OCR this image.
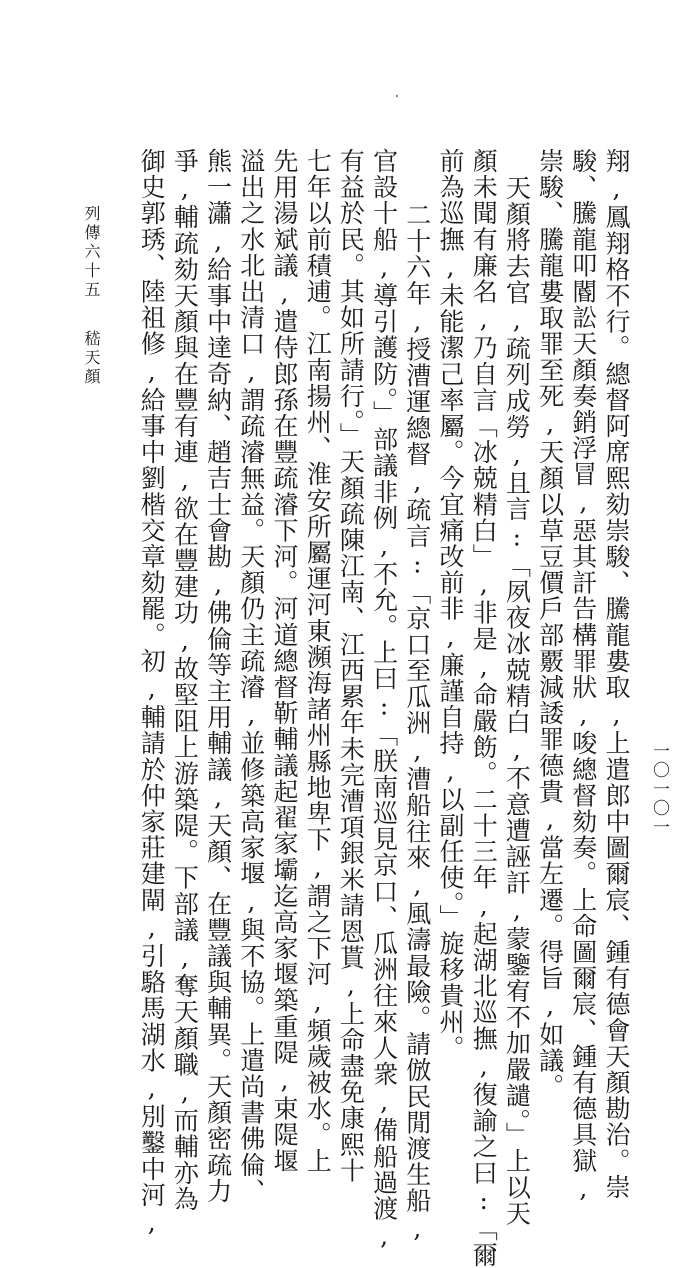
翔,鳳翔格不行。總督阿席熙劾崇駿、騰龍婁取,上遣郎中圖爾宸、鍾有德會天顏勘治。崇
駿、騰龍叩閽訟天顏奏銷浮冒,惡其訐告構罪狀,唆總督劾奏。上命圖爾宸、鍾有德具獄,
崇駿、騰龍婁取罪至死,天顏以草豆價戶部覈減諉罪德貴,當左遷。得旨,如議。
天顏將去官,疏列成勞,且言:「夙夜冰兢精白,不意遭誣訐,蒙鑒宥不加嚴譴。」上以天
顏未聞有廉名,乃自言「冰兢精白」,非是,命嚴飭。二十三年,起湖北巡撫,復諭之曰:「爾
前為巡撫,未能潔己率屬。今宜痛改前非,廉謹自持,以副任使。」旋移貴州。
二十六年,授漕運總督,疏言:「京口至瓜洲,漕船往來,風濤最險。請倣民閒渡生船,
官設十船,導引護防。」部議非例,不允。上曰:「朕南巡見京口、瓜洲往來人衆,備船過渡,
有益於民。其如所請行。」天顏疏陳江南、江西累年未完漕項銀米請恩貰,上命盡免康熙十
七年以前積逋。江南揚州、淮安所屬運河東瀕海諸州縣地卑下,謂之下河,頻歲被水。上
先用湯斌議,遣侍郎孫在豐疏濬下河。河道總督靳輔議起翟家壩迄高家堰築重隄,束隄堰
溢出之水北出清口,謂疏濬無益。天顏仍主疏濬,並修築高家堰,與不協。上遣尚書佛倫、
熊一瀟,給事中達奇納、趙吉士會勘,佛倫等主用輔議,天顏、在豐議與輔異。天顏密疏力
爭,輔疏劾天顏與在豐有連,欲在豐建功,故堅阻上游築隄。下部議,奪天顏職,而輔亦為
御史郭琇、陸祖修,給事中劉楷交章劾罷。初,輔請於仲家莊建閘,引駱馬湖水,別鑿中河,
列傳六十五
嵇天顏
一〇一〇一
